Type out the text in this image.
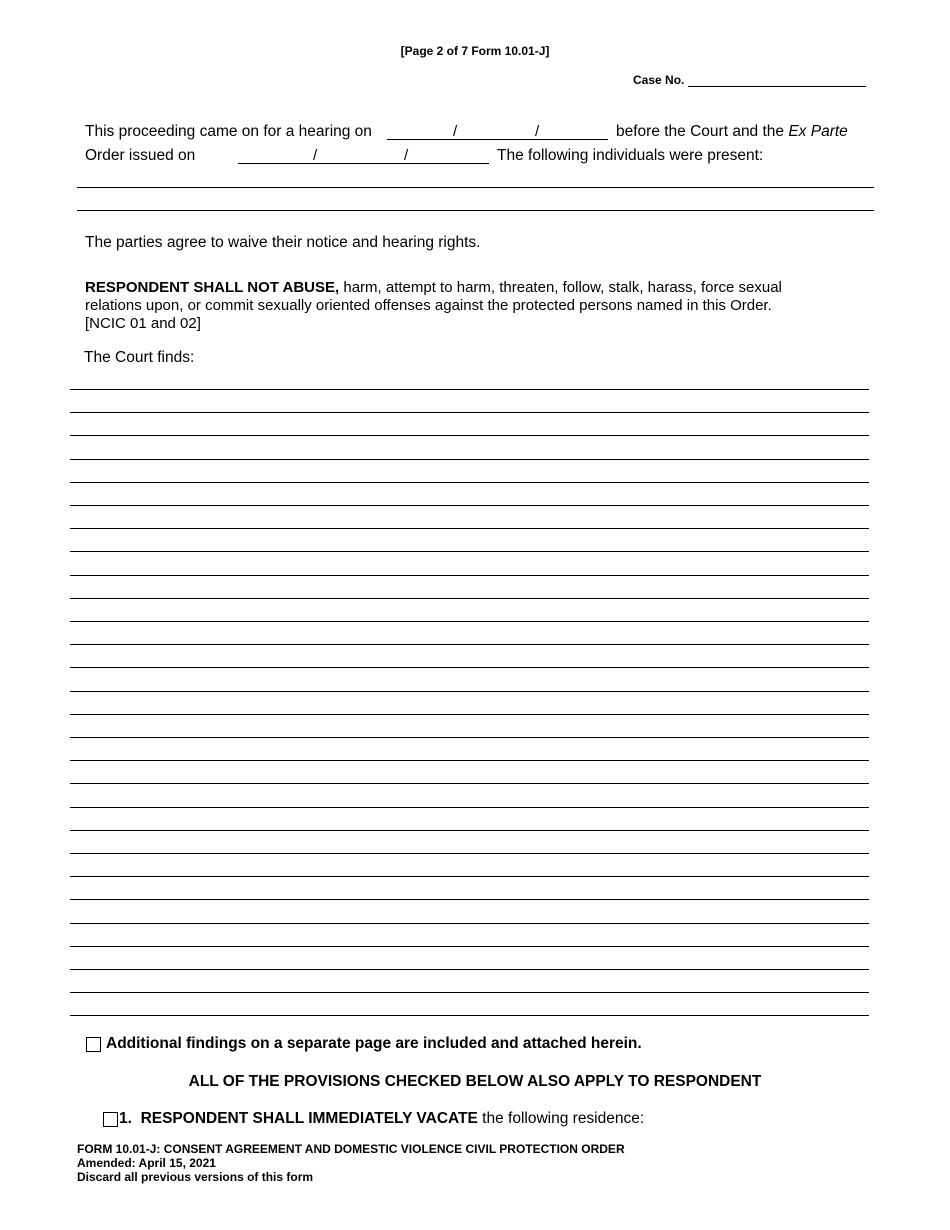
[Page 2 of 7 Form 10.01-J]
Case No.
This proceeding came on for a hearing on	/	/	before the Court and the Ex Parte
Order issued on	/	/	The following individuals were present:
The parties agree to waive their notice and hearing rights.
RESPONDENT SHALL NOT ABUSE, harm, attempt to harm, threaten, follow, stalk, harass, force sexual relations upon, or commit sexually oriented offenses against the protected persons named in this Order. [NCIC 01 and 02]
The Court finds:
Additional findings on a separate page are included and attached herein.
ALL OF THE PROVISIONS CHECKED BELOW ALSO APPLY TO RESPONDENT
1. RESPONDENT SHALL IMMEDIATELY VACATE the following residence:
FORM 10.01-J: CONSENT AGREEMENT AND DOMESTIC VIOLENCE CIVIL PROTECTION ORDER
Amended: April 15, 2021
Discard all previous versions of this form
